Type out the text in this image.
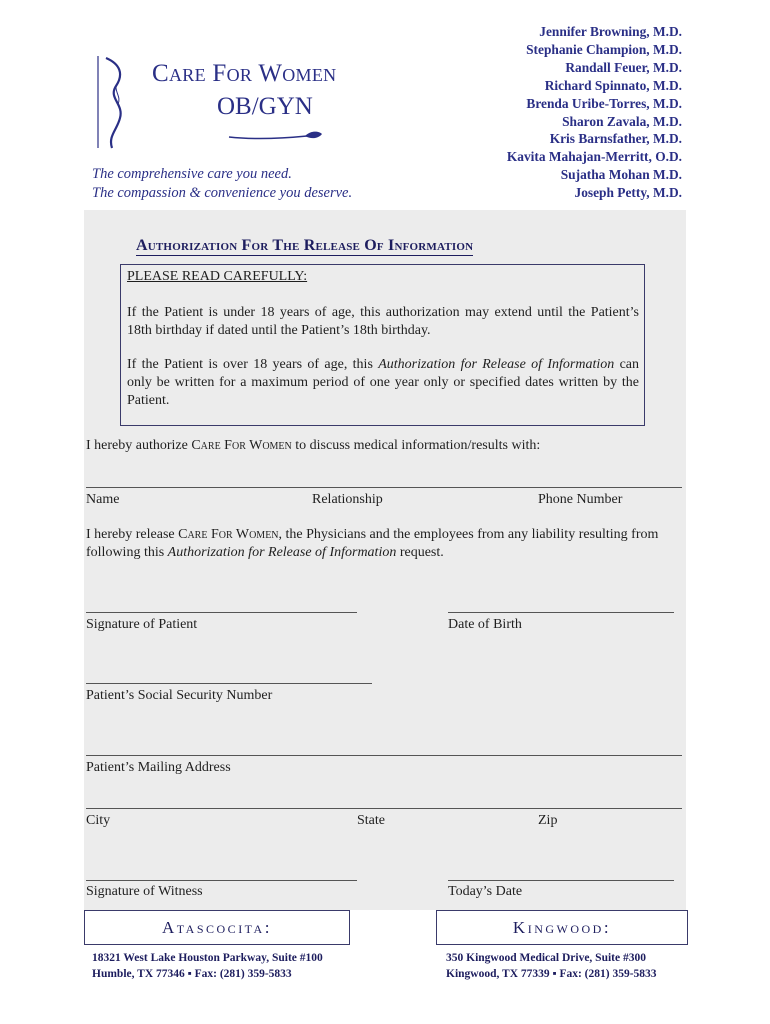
Care For Women
OB/GYN
The comprehensive care you need.
The compassion & convenience you deserve.
Jennifer Browning, M.D.
Stephanie Champion, M.D.
Randall Feuer, M.D.
Richard Spinnato, M.D.
Brenda Uribe-Torres, M.D.
Sharon Zavala, M.D.
Kris Barnsfather, M.D.
Kavita Mahajan-Merritt, O.D.
Sujatha Mohan M.D.
Joseph Petty, M.D.
Authorization For The Release Of Information
PLEASE READ CAREFULLY:

If the Patient is under 18 years of age, this authorization may extend until the Patient’s 18th birthday if dated until the Patient’s 18th birthday.

If the Patient is over 18 years of age, this Authorization for Release of Information can only be written for a maximum period of one year only or specified dates written by the Patient.

I hereby authorize Care For Women to discuss medical information/results with:
Name	Relationship	Phone Number
I hereby release Care For Women, the Physicians and the employees from any liability resulting from following this Authorization for Release of Information request.
Signature of Patient	Date of Birth
Patient’s Social Security Number
Patient’s Mailing Address
City	State	Zip
Signature of Witness	Today’s Date
Atascocita:	Kingwood:
18321 West Lake Houston Parkway, Suite #100
Humble, TX 77346 ▪ Fax: (281) 359-5833
350 Kingwood Medical Drive, Suite #300
Kingwood, TX 77339 ▪ Fax: (281) 359-5833
